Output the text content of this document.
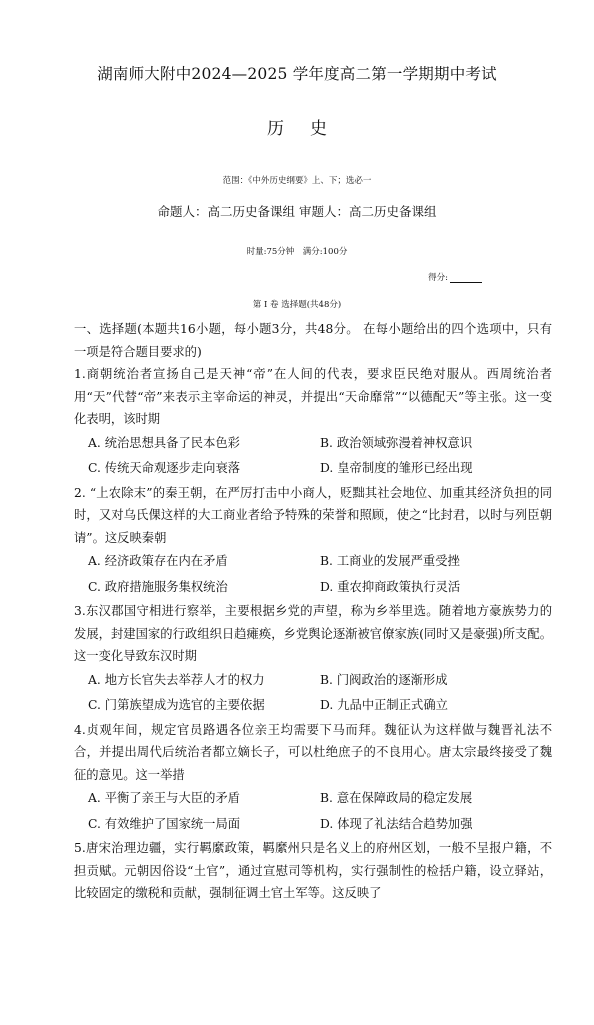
湖南师大附中2024—2025 学年度高二第一学期期中考试
历史
范围：《中外历史纲要》上、下；选必一
命题人：高二历史备课组 审题人：高二历史备课组
时量:75分钟　满分:100分
得分:
第 I 卷 选择题(共48分)

一、选择题(本题共16小题，每小题3分，共48分。 在每小题给出的四个选项中，只有一项是符合题目要求的)

1.商朝统治者宣扬自己是天神“帝”在人间的代表，要求臣民绝对服从。西周统治者用“天”代替“帝”来表示主宰命运的神灵，并提出“天命靡常”“以德配天”等主张。这一变化表明，该时期

A. 统治思想具备了民本色彩	B. 政治领域弥漫着神权意识
C. 传统天命观逐步走向衰落	D. 皇帝制度的雏形已经出现

2. “上农除末”的秦王朝，在严厉打击中小商人，贬黜其社会地位、加重其经济负担的同时，又对乌氏倮这样的大工商业者给予特殊的荣誉和照顾，使之“比封君，以时与列臣朝请”。这反映秦朝

A. 经济政策存在内在矛盾	B. 工商业的发展严重受挫
C. 政府措施服务集权统治	D. 重农抑商政策执行灵活

3.东汉郡国守相进行察举，主要根据乡党的声望，称为乡举里选。随着地方豪族势力的发展，封建国家的行政组织日趋瘫痪，乡党舆论逐渐被官僚家族(同时又是豪强)所支配。这一变化导致东汉时期

A. 地方长官失去举荐人才的权力	B. 门阀政治的逐渐形成
C. 门第族望成为选官的主要依据	D. 九品中正制正式确立

4.贞观年间，规定官员路遇各位亲王均需要下马而拜。魏征认为这样做与魏晋礼法不合，并提出周代后统治者都立嫡长子，可以杜绝庶子的不良用心。唐太宗最终接受了魏征的意见。这一举措

A. 平衡了亲王与大臣的矛盾	B. 意在保障政局的稳定发展
C. 有效维护了国家统一局面	D. 体现了礼法结合趋势加强

5.唐宋治理边疆，实行羁縻政策，羁縻州只是名义上的府州区划，一般不呈报户籍，不担贡赋。元朝因俗设“土官”，通过宣慰司等机构，实行强制性的检括户籍，设立驿站，比较固定的缴税和贡献，强制征调土官土军等。这反映了
